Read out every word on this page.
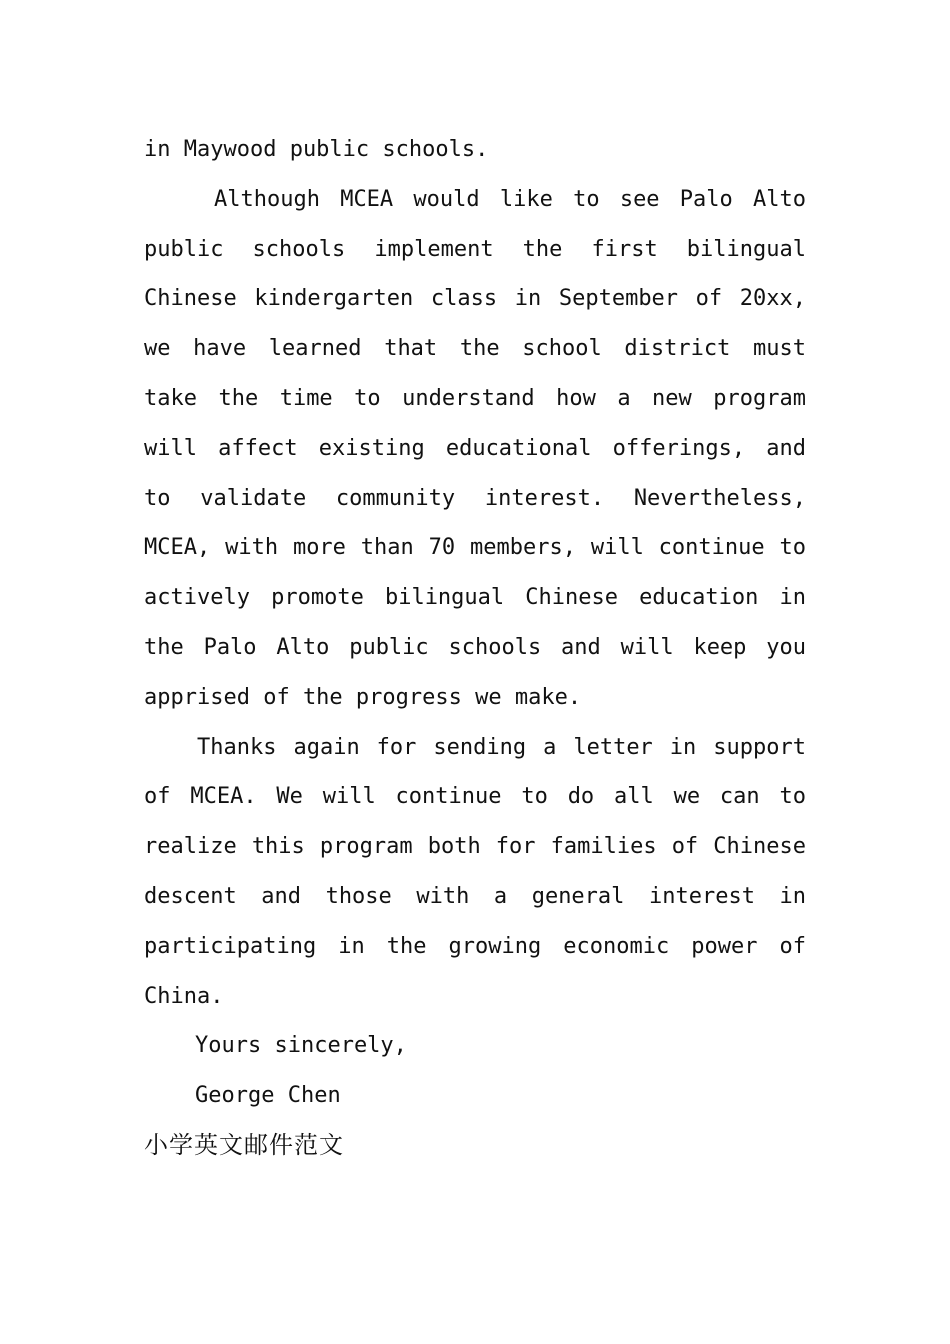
in Maywood public schools.

Although MCEA would like to see Palo Alto public schools implement the first bilingual Chinese kindergarten class in September of 20xx, we have learned that the school district must take the time to understand how a new program will affect existing educational offerings, and to validate community interest. Nevertheless, MCEA, with more than 70 members, will continue to actively promote bilingual Chinese education in the Palo Alto public schools and will keep you apprised of the progress we make.

Thanks again for sending a letter in support of MCEA. We will continue to do all we can to realize this program both for families of Chinese descent and those with a general interest in participating in the growing economic power of China.

Yours sincerely,

George Chen

小学英文邮件范文
